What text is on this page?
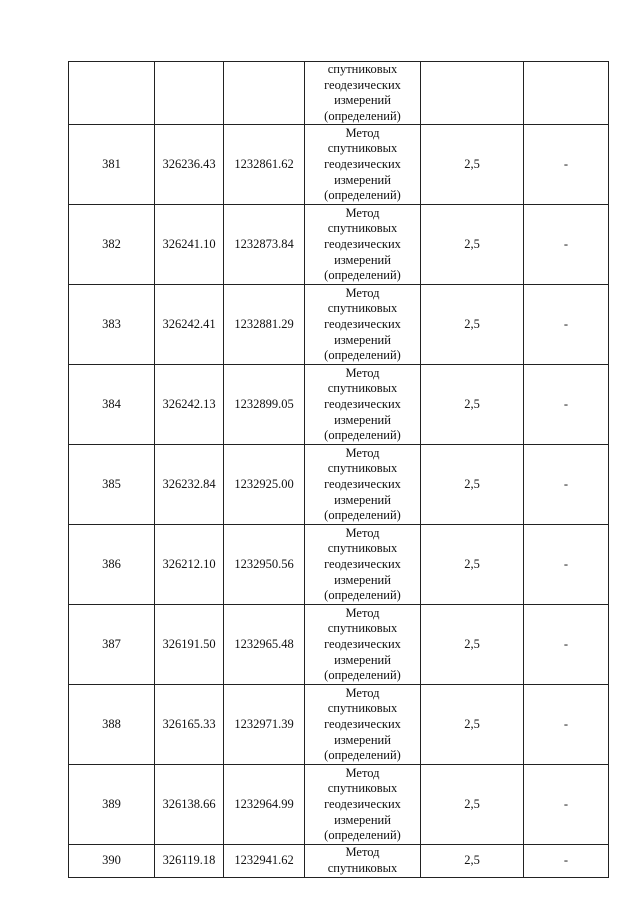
			спутниковых
геодезических
измерений
(определений)		

381	326236.43	1232861.62	Метод
спутниковых
геодезических
измерений
(определений)	2,5	-
382	326241.10	1232873.84	Метод
спутниковых
геодезических
измерений
(определений)	2,5	-
383	326242.41	1232881.29	Метод
спутниковых
геодезических
измерений
(определений)	2,5	-
384	326242.13	1232899.05	Метод
спутниковых
геодезических
измерений
(определений)	2,5	-
385	326232.84	1232925.00	Метод
спутниковых
геодезических
измерений
(определений)	2,5	-
386	326212.10	1232950.56	Метод
спутниковых
геодезических
измерений
(определений)	2,5	-
387	326191.50	1232965.48	Метод
спутниковых
геодезических
измерений
(определений)	2,5	-
388	326165.33	1232971.39	Метод
спутниковых
геодезических
измерений
(определений)	2,5	-
389	326138.66	1232964.99	Метод
спутниковых
геодезических
измерений
(определений)	2,5	-
390	326119.18	1232941.62	Метод
спутниковых	2,5	-
